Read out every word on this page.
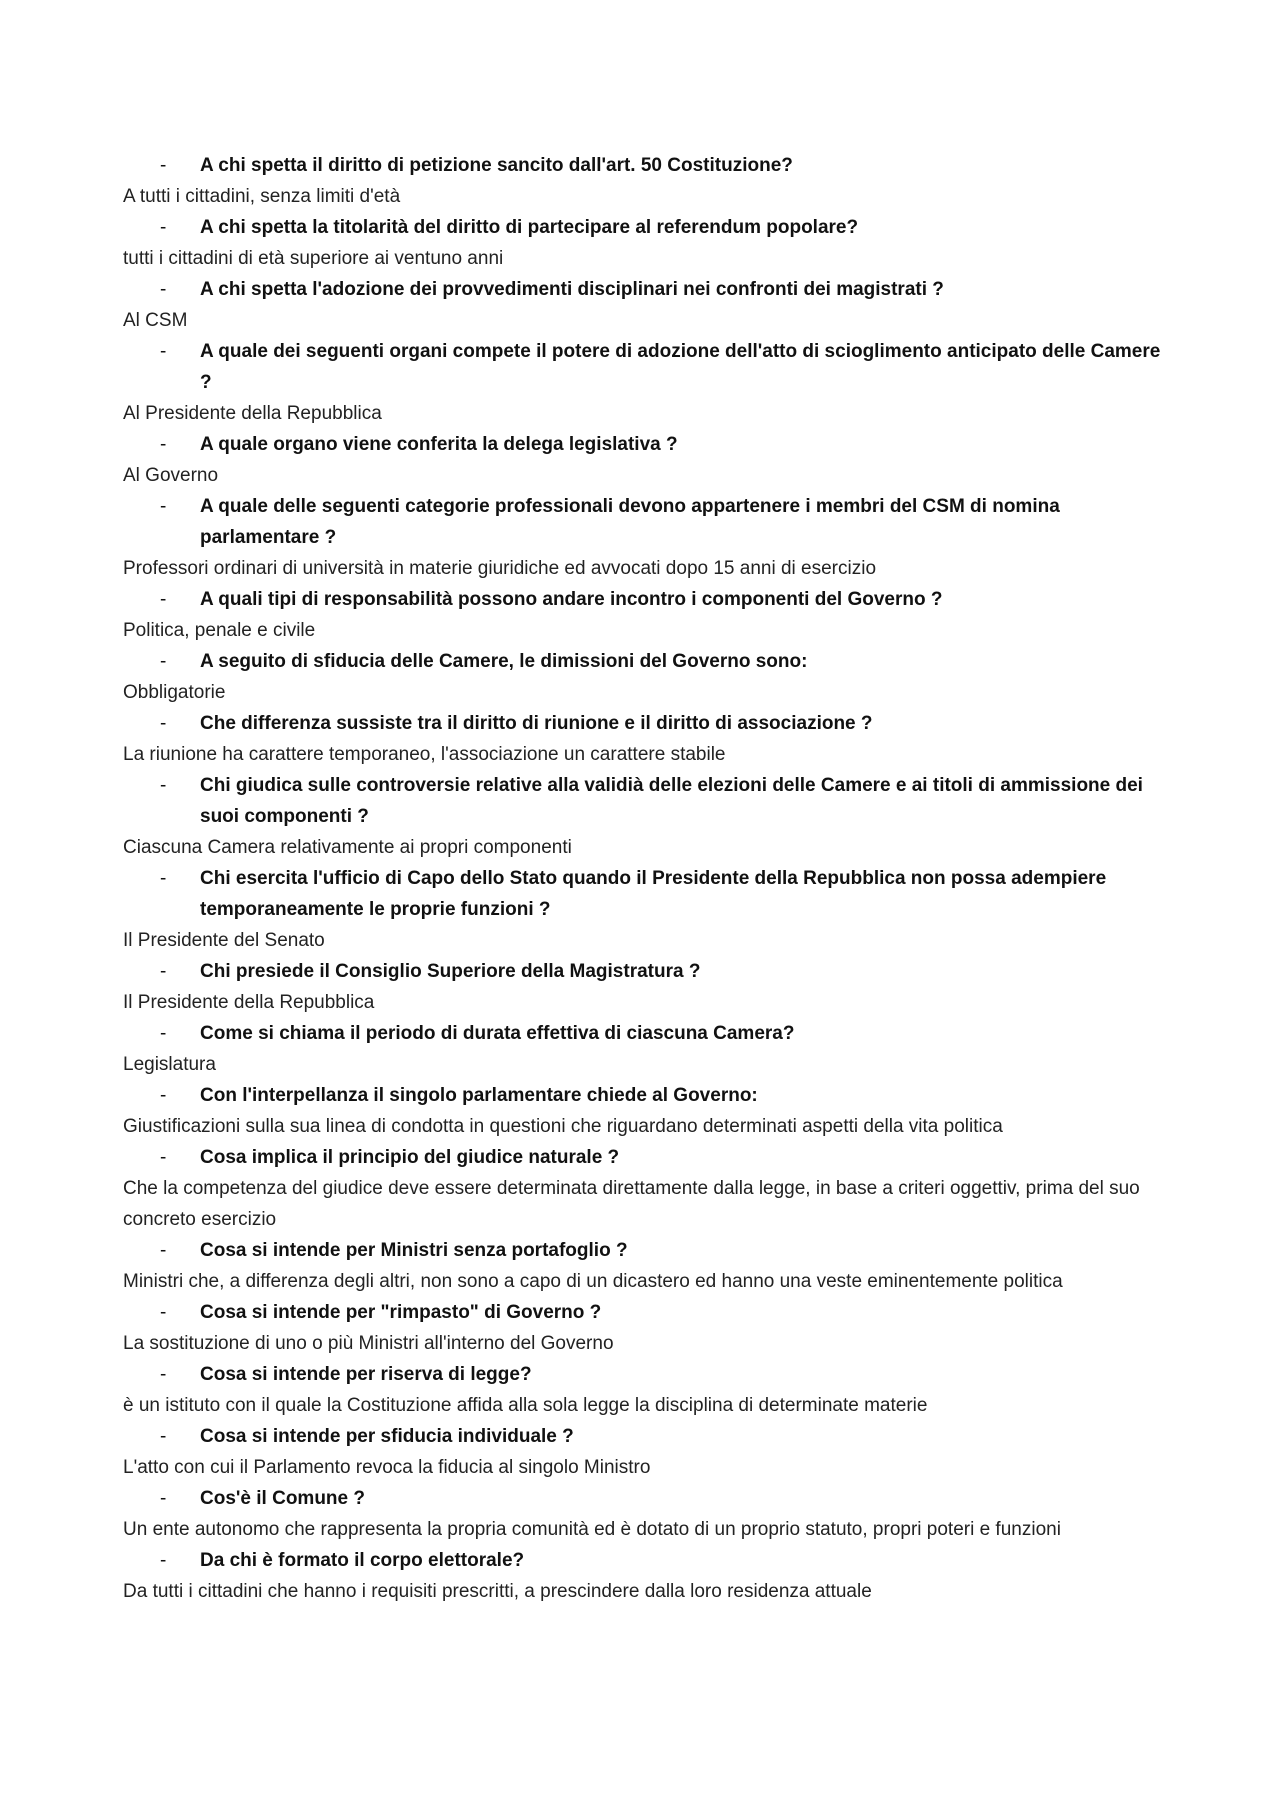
- A chi spetta il diritto di petizione sancito dall'art. 50 Costituzione?
A tutti i cittadini, senza limiti d'età
- A chi spetta la titolarità del diritto di partecipare al referendum popolare?
tutti i cittadini di età superiore ai ventuno anni
- A chi spetta l'adozione dei provvedimenti disciplinari nei confronti dei magistrati ?
Al CSM
- A quale dei seguenti organi compete il potere di adozione dell'atto di scioglimento anticipato delle Camere ?
Al Presidente della Repubblica
- A quale organo viene conferita la delega legislativa ?
Al Governo
- A quale delle seguenti categorie professionali devono appartenere i membri del CSM di nomina parlamentare ?
Professori ordinari di università in materie giuridiche ed avvocati dopo 15 anni di esercizio
- A quali tipi di responsabilità possono andare incontro i componenti del Governo ?
Politica, penale e civile
- A seguito di sfiducia delle Camere, le dimissioni del Governo sono:
Obbligatorie
- Che differenza sussiste tra il diritto di riunione e il diritto di associazione ?
La riunione ha carattere temporaneo, l'associazione un carattere stabile
- Chi giudica sulle controversie relative alla validià delle elezioni delle Camere e ai titoli di ammissione dei suoi componenti ?
Ciascuna Camera relativamente ai propri componenti
- Chi esercita l'ufficio di Capo dello Stato quando il Presidente della Repubblica non possa adempiere temporaneamente le proprie funzioni ?
Il Presidente del Senato
- Chi presiede il Consiglio Superiore della Magistratura ?
Il Presidente della Repubblica
- Come si chiama il periodo di durata effettiva di ciascuna Camera?
Legislatura
- Con l'interpellanza il singolo parlamentare chiede al Governo:
Giustificazioni sulla sua linea di condotta in questioni che riguardano determinati aspetti della vita politica
- Cosa implica il principio del giudice naturale ?
Che la competenza del giudice deve essere determinata direttamente dalla legge, in base a criteri oggettiv, prima del suo concreto esercizio
- Cosa si intende per Ministri senza portafoglio ?
Ministri che, a differenza degli altri, non sono a capo di un dicastero ed hanno una veste eminentemente politica
- Cosa si intende per "rimpasto" di Governo ?
La sostituzione di uno o più Ministri all'interno del Governo
- Cosa si intende per riserva di legge?
è un istituto con il quale la Costituzione affida alla sola legge la disciplina di determinate materie
- Cosa si intende per sfiducia individuale ?
L'atto con cui il Parlamento revoca la fiducia al singolo Ministro
- Cos'è il Comune ?
Un ente autonomo che rappresenta la propria comunità ed è dotato di un proprio statuto, propri poteri e funzioni
- Da chi è formato il corpo elettorale?
Da tutti i cittadini che hanno i requisiti prescritti, a prescindere dalla loro residenza attuale
